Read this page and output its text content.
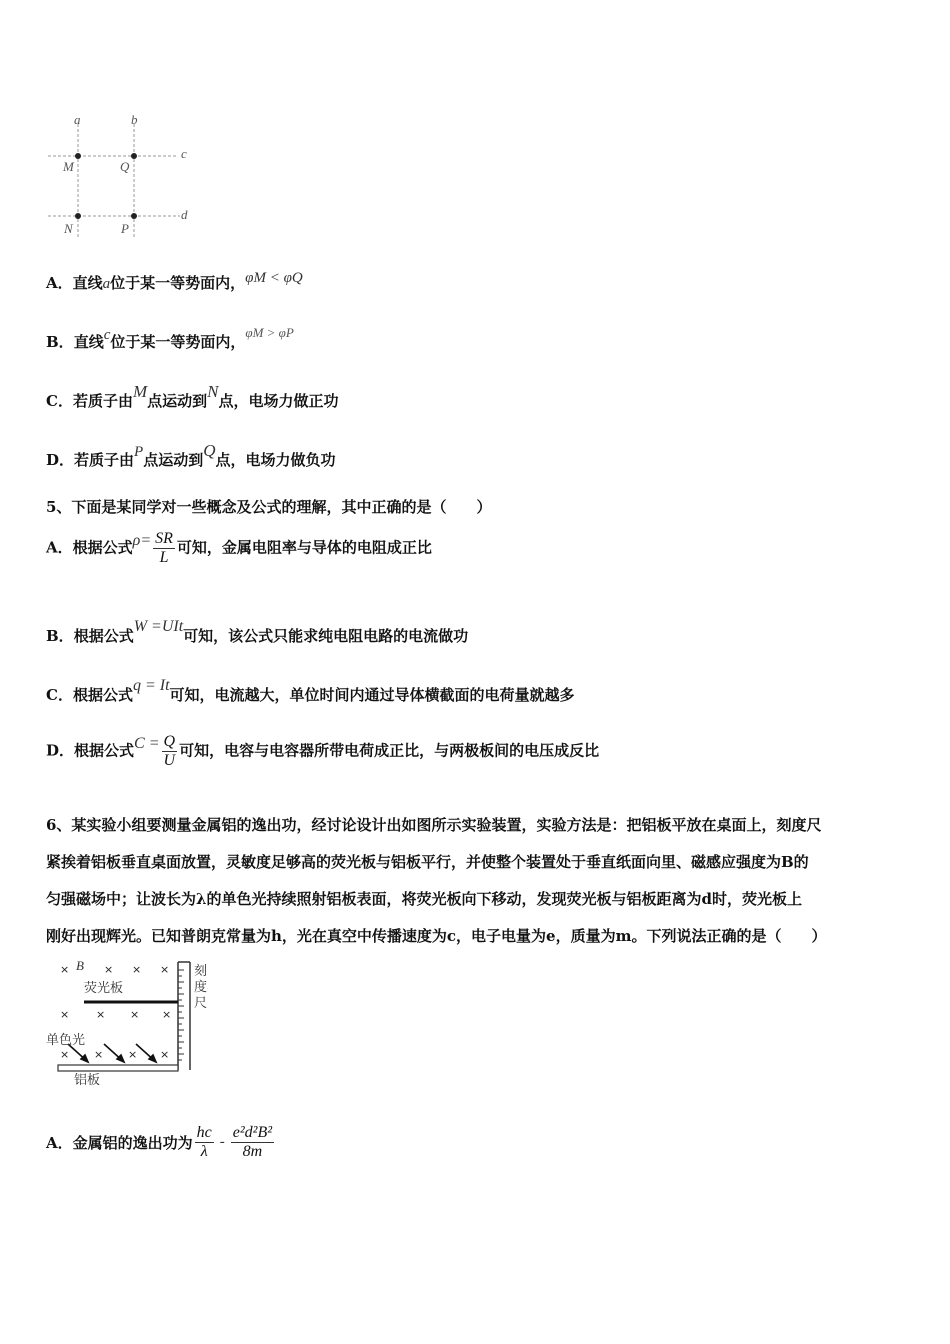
a	b
c
d
M	Q
N	P
A．直线a位于某一等势面内，φM < φQ
B．直线c位于某一等势面内，φM > φP
C．若质子由M点运动到N点，电场力做正功
D．若质子由P点运动到Q点，电场力做负功
5、下面是某同学对一些概念及公式的理解，其中正确的是（　　）
A．根据公式$\rho= \frac{SR}{L}$ 可知，金属电阻率与导体的电阻成正比
B．根据公式W =UIt可知，该公式只能求纯电阻电路的电流做功
C．根据公式q = It可知，电流越大，单位时间内通过导体横截面的电荷量就越多
D．根据公式$C = \frac{Q}{U}$ 可知，电容与电容器所带电荷成正比，与两极板间的电压成反比
6、某实验小组要测量金属铝的逸出功，经讨论设计出如图所示实验装置，实验方法是：把铝板平放在桌面上，刻度尺
紧挨着铝板垂直桌面放置，灵敏度足够高的荧光板与铝板平行，并使整个装置处于垂直纸面向里、磁感应强度为B的
匀强磁场中；让波长为λ的单色光持续照射铝板表面，将荧光板向下移动，发现荧光板与铝板距离为d时，荧光板上
刚好出现辉光。已知普朗克常量为h，光在真空中传播速度为c，电子电量为e，质量为m。下列说法正确的是（　　）
×	× × ×
× × × ×
× × × ×
B
荧光板
刻
度
尺
单色光
铝板
A．金属铝的逸出功为 $\frac{hc}{\lambda} - \frac{\text{e²d²B²}}{8m}$
